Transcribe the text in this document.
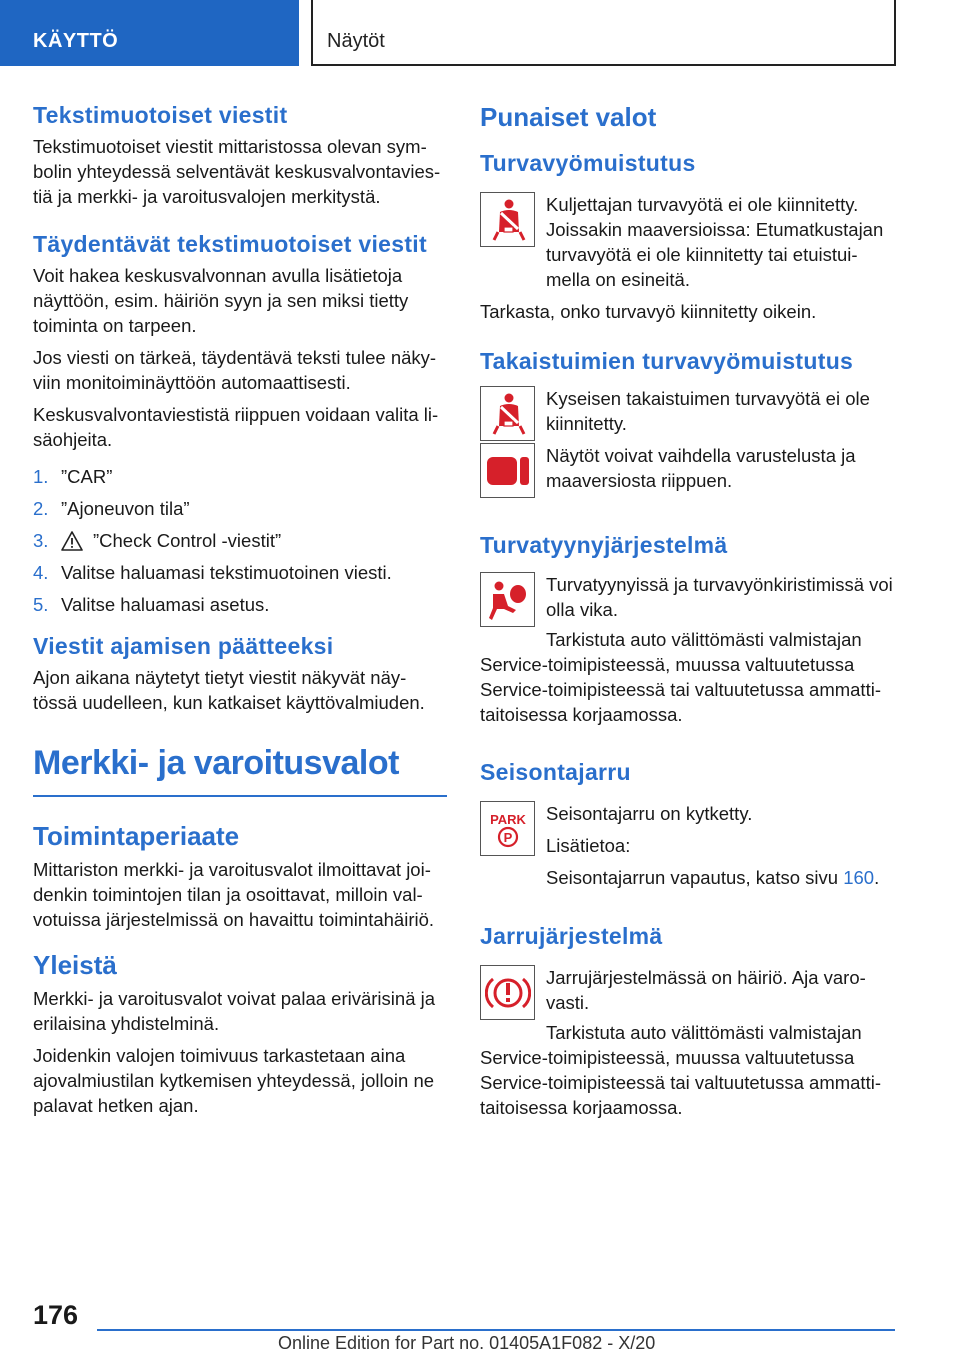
KÄYTTÖ	Näytöt
Tekstimuotoiset viestit

Tekstimuotoiset viestit mittaristossa olevan sym-bolin yhteydessä selventävät keskusvalvontavies-tiä ja merkki- ja varoitusvalojen merkitystä.

Täydentävät tekstimuotoiset viestit

Voit hakea keskusvalvonnan avulla lisätietoja näyttöön, esim. häiriön syyn ja sen miksi tietty toiminta on tarpeen.

Jos viesti on tärkeä, täydentävä teksti tulee näky-viin monitoiminäyttöön automaattisesti.

Keskusvalvontaviestistä riippuen voidaan valita li-säohjeita.

1. ”CAR”
2. ”Ajoneuvon tila”
3.	”Check Control -viestit”
4. Valitse haluamasi tekstimuotoinen viesti.
5. Valitse haluamasi asetus.
Viestit ajamisen päätteeksi

Ajon aikana näytetyt tietyt viestit näkyvät näy-tössä uudelleen, kun katkaiset käyttövalmiuden.

Merkki- ja varoitusvalot
Toimintaperiaate

Mittariston merkki- ja varoitusvalot ilmoittavat joi-denkin toimintojen tilan ja osoittavat, milloin val-votuissa järjestelmissä on havaittu toimintahäiriö.

Yleistä

Merkki- ja varoitusvalot voivat palaa erivärisinä ja erilaisina yhdistelminä.

Joidenkin valojen toimivuus tarkastetaan aina ajovalmiustilan kytkemisen yhteydessä, jolloin ne palavat hetken ajan.

Punaiset valot
Turvavyömuistutus

Kuljettajan turvavyötä ei ole kiinnitetty. Joissakin maaversioissa: Etumatkustajan turvavyötä ei ole kiinnitetty tai etuistui-mella on esineitä.

Tarkasta, onko turvavyö kiinnitetty oikein.

Takaistuimien turvavyömuistutus

Kyseisen takaistuimen turvavyötä ei ole kiinnitetty.

Näytöt voivat vaihdella varustelusta ja maaversiosta riippuen.

Turvatyynyjärjestelmä

Turvatyynyissä ja turvavyönkiristimissä voi olla vika.

Tarkistuta auto välittömästi valmistajan Service-toimipisteessä, muussa valtuutetussa Service-toimipisteessä tai valtuutetussa ammatti-taitoisessa korjaamossa.

Seisontajarru
PARK
P

Seisontajarru on kytketty.

Lisätietoa:

Seisontajarrun vapautus, katso sivu 160.

Jarrujärjestelmä

Jarrujärjestelmässä on häiriö. Aja varo-vasti.

Tarkistuta auto välittömästi valmistajan Service-toimipisteessä, muussa valtuutetussa Service-toimipisteessä tai valtuutetussa ammatti-taitoisessa korjaamossa.

176
Online Edition for Part no. 01405A1F082 - X/20
